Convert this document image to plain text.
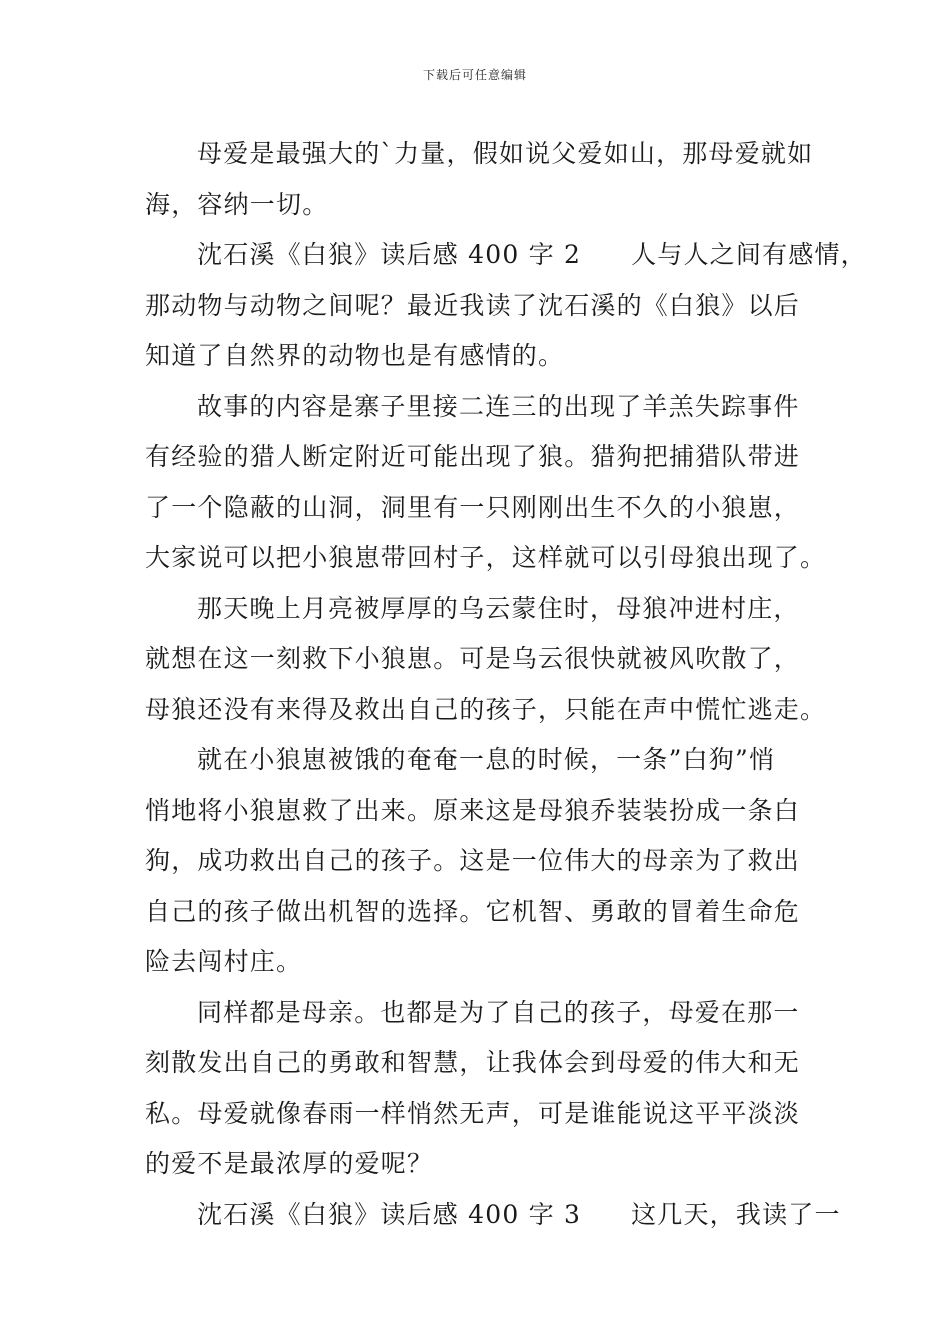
下载后可任意编辑
母爱是最强大的`力量，假如说父爱如山，那母爱就如
海，容纳一切。
沈石溪《白狼》读后感 400 字 2 人与人之间有感情，
那动物与动物之间呢？最近我读了沈石溪的《白狼》以后
知道了自然界的动物也是有感情的。
故事的内容是寨子里接二连三的出现了羊羔失踪事件
有经验的猎人断定附近可能出现了狼。猎狗把捕猎队带进
了一个隐蔽的山洞，洞里有一只刚刚出生不久的小狼崽，
大家说可以把小狼崽带回村子，这样就可以引母狼出现了。
那天晚上月亮被厚厚的乌云蒙住时，母狼冲进村庄，
就想在这一刻救下小狼崽。可是乌云很快就被风吹散了，
母狼还没有来得及救出自己的孩子，只能在声中慌忙逃走。
就在小狼崽被饿的奄奄一息的时候，一条”白狗”悄
悄地将小狼崽救了出来。原来这是母狼乔装装扮成一条白
狗，成功救出自己的孩子。这是一位伟大的母亲为了救出
自己的孩子做出机智的选择。它机智、勇敢的冒着生命危
险去闯村庄。
同样都是母亲。也都是为了自己的孩子，母爱在那一
刻散发出自己的勇敢和智慧，让我体会到母爱的伟大和无
私。母爱就像春雨一样悄然无声，可是谁能说这平平淡淡
的爱不是最浓厚的爱呢？
沈石溪《白狼》读后感 400 字 3 这几天，我读了一
